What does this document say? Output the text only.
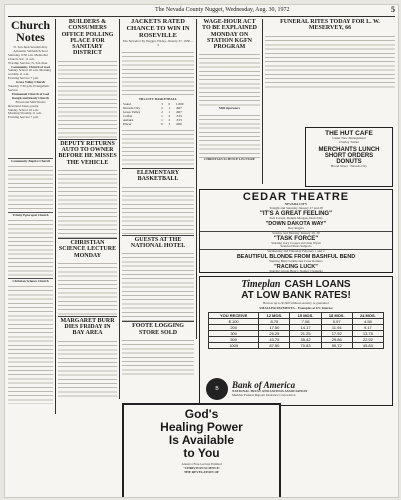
The Nevada County Nugget, Wednesday, Aug. 30, 1972	5
Church
Notes
N. San Juan Seventh-Day Adventist Sabbath School
Saturday, 9:30 a.m. Methodist Church, Sat. 11 a.m.
Worship Service, N. San Juan
Community Church of God
Sunday School 10 a.m. Morning worship 11 a.m.
Evening Service 7 p.m.
Grass Valley Church
Tuesday 7:30 p.m. Evangelistic Service
Emmanuel Church of God
Rough and Ready Church
Broad and Mill Streets
Reverend Jones, pastor
Sunday School 10 a.m.
Morning Worship 11 a.m.
Evening Service 7 p.m.
Community Baptist Church
Trinity Episcopal Church
Christian Science Church
BUILDERS & CONSUMERS OFFICE POLLING PLACE FOR SANITARY DISTRICT
DEPUTY RETURNS AUTO TO OWNER BEFORE HE MISSES THE VEHICLE
CHRISTIAN SCIENCE LECTURE MONDAY
MARGARET BURR DIES FRIDAY IN BAY AREA
JACKETS RATED CHANCE TO WIN IN ROSEVILLE
The Nevada City Nugget, Friday, January 27, 1950—3
TRI-CITY BASKETBALL
Sokol	3	0	1.000
Nevada City	2	1	.667
Grass Valley	2	1	.667
Colfax	1	2	.333
Auburn	1	2	.333
Placer	0	3	.000
ELEMENTARY BASKETBALL
GUESTS AT THE NATIONAL HOTEL
FOOTE LOGGING STORE SOLD
WAGE-HOUR ACT TO BE EXPLAINED MONDAY ON STATION KGFN PROGRAM
Mill Operators
CHRISTIAN SCIENCE LECTURE
FUNERAL RITES TODAY FOR L. W. MESERVEY, 66
THE HUT CAFE
Under New Management
Charley Turner
MERCHANTS LUNCH
SHORT ORDERS
DONUTS
Broad Street · Nevada City
CEDAR THEATRE
NEVADA CITY
Tonight and Saturday January 27 and 28
"IT'S A GREAT FEELING"
Jack Carson, Dennis Morgan, Doris Day
"DOWN DAKOTA WAY"
Roy Rogers
Sunday and Monday January 29, 30
"TASK FORCE"
Starring Gary Cooper and Jane Wyatt
Selected Short Subjects
Wednesday and Thursday February 1 and 2
BEAUTIFUL BLONDE FROM BASHFUL BEND
Starring Betty Grable and Cesar Romero
"RACING LUCK"
Starring Gloria Henry, Stanley Clements
Timeplan CASH LOANS
AT LOW BANK RATES!
Borrow up to $1500 without security or guarantor
SMALLER PAYMENTS... Examples at 6% Interest
YOU RECEIVE	12 MOS.	15 MOS.	18 MOS.	24 MOS.
$ 100	8.75	7.08	5.97	4.58
200	17.50	14.17	11.94	9.17
300	26.25	21.25	17.92	13.75
500	43.75	35.42	29.86	22.92
1000	87.50	70.83	59.72	45.83
B	Bank of America
NATIONAL TRUST AND SAVINGS ASSOCIATION
Member Federal Deposit Insurance Corporation
God's
Healing Power
Is Available
to You
Attend a Free Lecture Entitled
"CHRISTIAN SCIENCE:
THE REVELATION OF
